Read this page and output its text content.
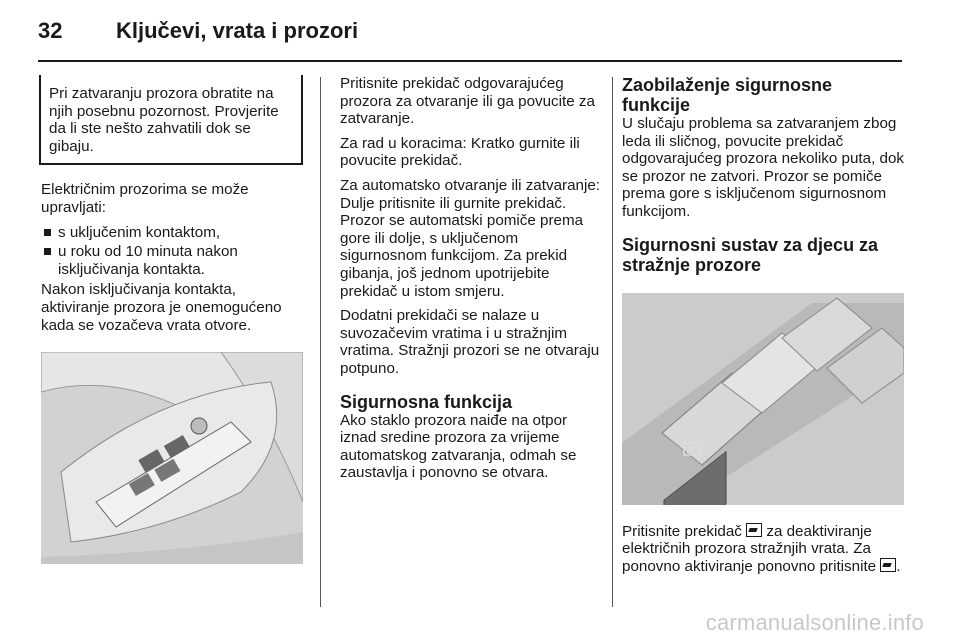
32 Ključevi, vrata i prozori
Pri zatvaranju prozora obratite na njih posebnu pozornost. Provjerite da li ste nešto zahvatili dok se gibaju.

Električnim prozorima se može upravljati:

s uključenim kontaktom,
u roku od 10 minuta nakon isključivanja kontakta.

Nakon isključivanja kontakta, aktiviranje prozora je onemogućeno kada se vozačeva vrata otvore.

Pritisnite prekidač odgovarajućeg prozora za otvaranje ili ga povucite za zatvaranje.

Za rad u koracima: Kratko gurnite ili povucite prekidač.

Za automatsko otvaranje ili zatvaranje: Dulje pritisnite ili gurnite prekidač. Prozor se automatski pomiče prema gore ili dolje, s uključenom sigurnosnom funkcijom. Za prekid gibanja, još jednom upotrijebite prekidač u istom smjeru.

Dodatni prekidači se nalaze u suvozačevim vratima i u stražnjim vratima. Stražnji prozori se ne otvaraju potpuno.

Sigurnosna funkcija

Ako staklo prozora naiđe na otpor iznad sredine prozora za vrijeme automatskog zatvaranja, odmah se zaustavlja i ponovno se otvara.

Zaobilaženje sigurnosne funkcije

U slučaju problema sa zatvaranjem zbog leda ili sličnog, povucite prekidač odgovarajućeg prozora nekoliko puta, dok se prozor ne zatvori. Prozor se pomiče prema gore s isključenom sigurnosnom funkcijom.

Sigurnosni sustav za djecu za stražnje prozore

Pritisnite prekidač za deaktiviranje električnih prozora stražnjih vrata. Za ponovno aktiviranje ponovno pritisnite .

carmanualsonline.info
